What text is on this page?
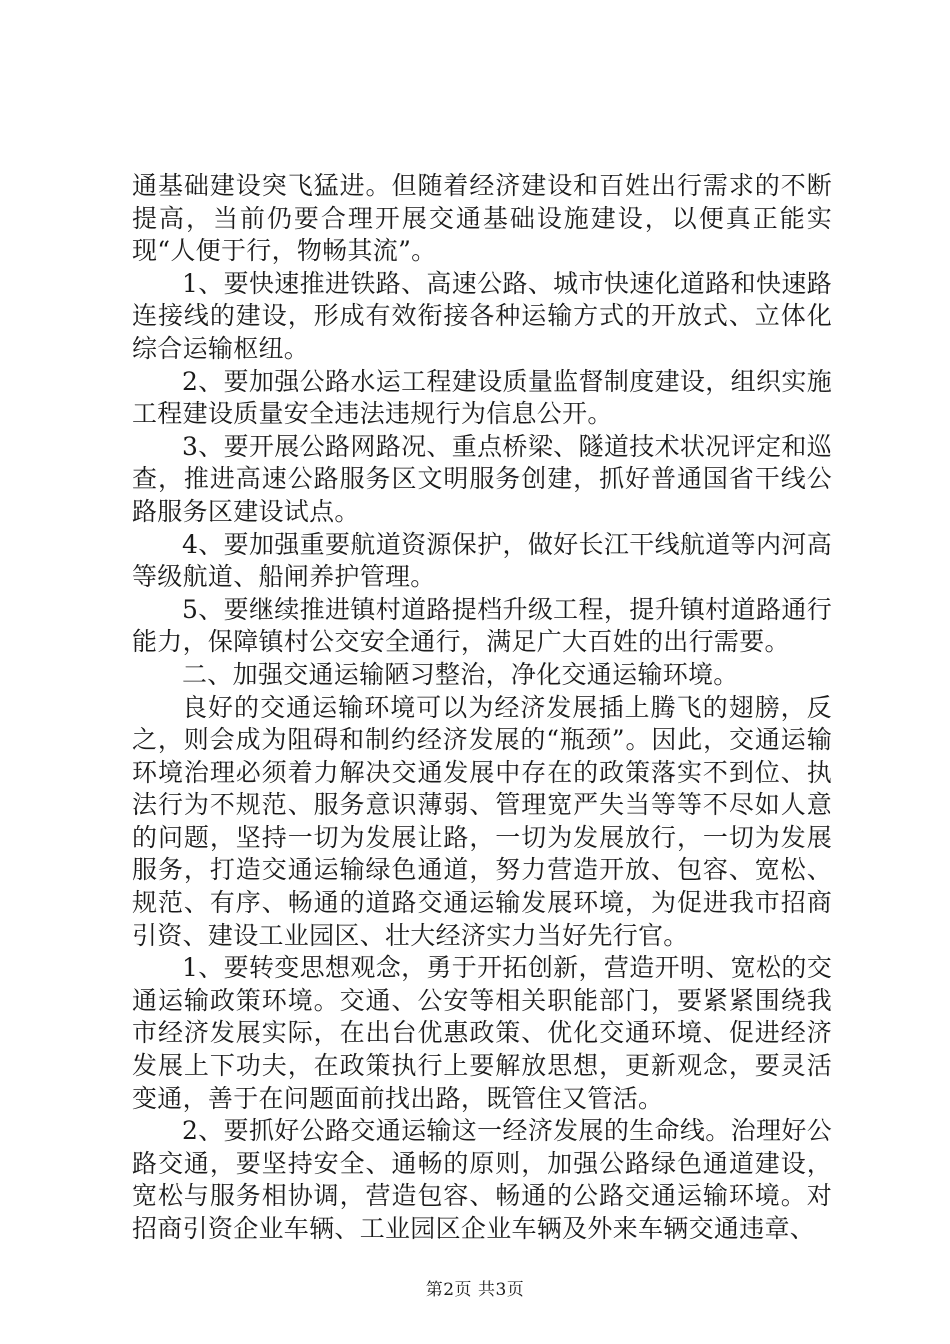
通基础建设突飞猛进。但随着经济建设和百姓出行需求的不断提高，当前仍要合理开展交通基础设施建设，以便真正能实现“人便于行，物畅其流”。

1、要快速推进铁路、高速公路、城市快速化道路和快速路连接线的建设，形成有效衔接各种运输方式的开放式、立体化综合运输枢纽。

2、要加强公路水运工程建设质量监督制度建设，组织实施工程建设质量安全违法违规行为信息公开。

3、要开展公路网路况、重点桥梁、隧道技术状况评定和巡查，推进高速公路服务区文明服务创建，抓好普通国省干线公路服务区建设试点。

4、要加强重要航道资源保护，做好长江干线航道等内河高等级航道、船闸养护管理。

5、要继续推进镇村道路提档升级工程，提升镇村道路通行能力，保障镇村公交安全通行，满足广大百姓的出行需要。

二、加强交通运输陋习整治，净化交通运输环境。

良好的交通运输环境可以为经济发展插上腾飞的翅膀，反之，则会成为阻碍和制约经济发展的“瓶颈”。因此，交通运输环境治理必须着力解决交通发展中存在的政策落实不到位、执法行为不规范、服务意识薄弱、管理宽严失当等等不尽如人意的问题，坚持一切为发展让路，一切为发展放行，一切为发展服务，打造交通运输绿色通道，努力营造开放、包容、宽松、规范、有序、畅通的道路交通运输发展环境，为促进我市招商引资、建设工业园区、壮大经济实力当好先行官。

1、要转变思想观念，勇于开拓创新，营造开明、宽松的交通运输政策环境。交通、公安等相关职能部门，要紧紧围绕我市经济发展实际，在出台优惠政策、优化交通环境、促进经济发展上下功夫，在政策执行上要解放思想，更新观念，要灵活变通，善于在问题面前找出路，既管住又管活。

2、要抓好公路交通运输这一经济发展的生命线。治理好公路交通，要坚持安全、通畅的原则，加强公路绿色通道建设，宽松与服务相协调，营造包容、畅通的公路交通运输环境。对招商引资企业车辆、工业园区企业车辆及外来车辆交通违章、

第2页 共3页
